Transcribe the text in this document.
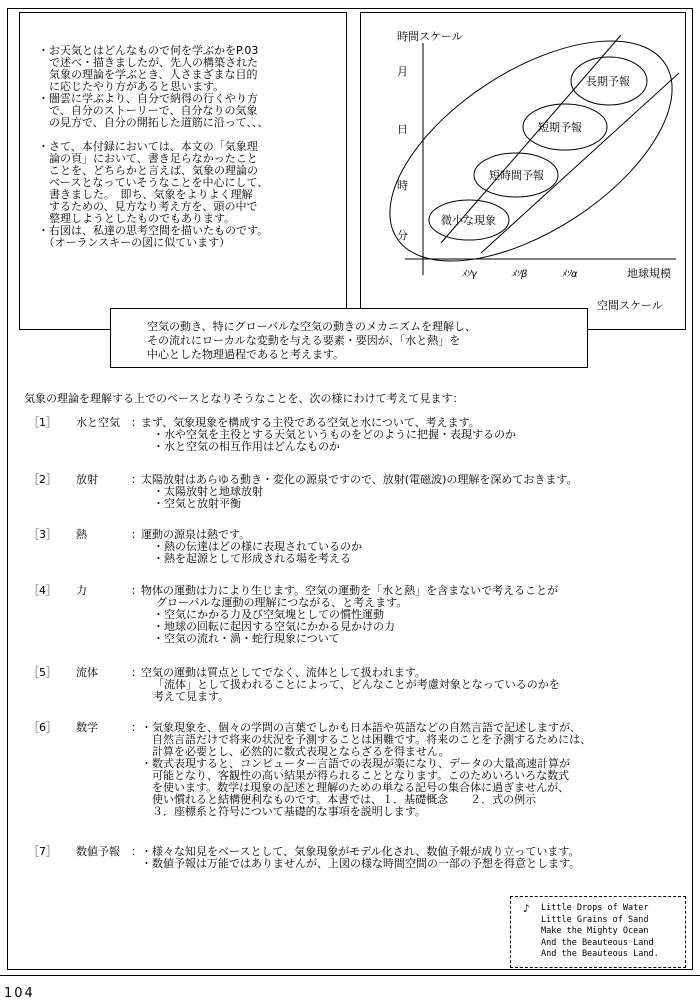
・お天気とはどんなもので何を学ぶかをP.03
　で述べ・描きましたが、先人の構築された
　気象の理論を学ぶとき、人さまざまな目的
　に応じたやり方があると思います。
・闇雲に学ぶより、自分で納得の行くやり方
　で、自分のストーリーで、自分なりの気象
　の見方で、自分の開拓した道筋に沿って、、、
・さて、本付録においては、本文の「気象理
　論の頁」において、書き足らなかったこと
　ことを、どちらかと言えば、気象の理論の
　ベースとなっていそうなことを中心にして、
　書きました。　即ち、気象をよりよく理解
　するための、見方なり考え方を、頭の中で
　整理しようとしたものでもあります。
・右図は、私達の思考空間を描いたものです。
　（オーランスキーの図に似ています）
時間スケール
月
日
時
分
ﾒｿγ	ﾒｿβ	ﾒｿα	地球規模
空間スケール
長期予報
短期予報
短時間予報
微小な現象
空気の動き、特にグローバルな空気の動きのメカニズムを理解し、
その流れにローカルな変動を与える要素・要因が、「水と熱」を
中心とした物理過程であると考えます。
気象の理論を理解する上でのベースとなりそうなことを、次の様にわけて考えて見ます：
［1］ 水と空気 ： まず、気象現象を構成する主役である空気と水について、考えます。
・水や空気を主役とする天気というものをどのように把握・表現するのか
・水と空気の相互作用はどんなものか
［2］ 放射	： 太陽放射はあらゆる動き・変化の源泉ですので、放射(電磁波)の理解を深めておきます。
・太陽放射と地球放射
・空気と放射平衡
［3］ 熱	： 運動の源泉は熱です。
・熱の伝達はどの様に表現されているのか
・熱を起源として形成される場を考える
［4］ 力	： 物体の運動は力により生じます。空気の運動を「水と熱」を含まないで考えることが
グローバルな運動の理解につながる、と考えます。
・空気にかかる力及び空気塊としての慣性運動
・地球の回転に起因する空気にかかる見かけの力
・空気の流れ・渦・蛇行現象について
［5］ 流体	： 空気の運動は質点としてでなく、流体として扱われます。
「流体」として扱われることによって、どんなことが考慮対象となっているのかを
考えて見ます。
［6］ 数学	： ・気象現象を、個々の学問の言葉でしかも日本語や英語などの自然言語で記述しますが、
　自然言語だけで将来の状況を予測することは困難です。将来のことを予測するためには、
　計算を必要とし、必然的に数式表現とならざるを得ません。
・数式表現すると、コンピューター言語での表現が楽になり、データの大量高速計算が
　可能となり、客観性の高い結果が得られることとなります。このためいろいろな数式
　を使います。数学は現象の記述と理解のための単なる記号の集合体に過ぎませんが、
　使い慣れると結構便利なものです。本書では、１．基礎概念　　２．式の例示
　３．座標系と符号について基礎的な事項を説明します。
［7］ 数値予報 ： ・様々な知見をベースとして、気象現象がモデル化され、数値予報が成り立っています。
・数値予報は万能ではありませんが、上図の様な時間空間の一部の予想を得意とします。
♪ Little Drops of Water
Little Grains of Sand
Make the Mighty Ocean
And the Beauteous Land
And the Beauteous Land.
104
